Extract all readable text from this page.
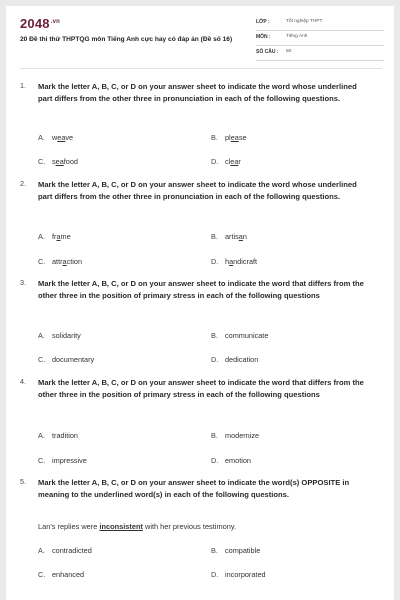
$2048^{.vn}$
20 Đề thi thử THPTQG môn Tiếng Anh cực hay có đáp án (Đề số 16)
LỚP :	Tốt nghiệp THPT
MÔN :	Tiếng Anh
SỐ CÂU : 50
1. Mark the letter A, B, C, or D on your answer sheet to indicate the word whose underlined part differs from the other three in pronunciation in each of the following questions.
A. weave	B. please
C. seafood	D. clear
2. Mark the letter A, B, C, or D on your answer sheet to indicate the word whose underlined part differs from the other three in pronunciation in each of the following questions.
A. frame	B. artisan
C. attraction	D. handicraft
3. Mark the letter A, B, C, or D on your answer sheet to indicate the word that differs from the other three in the position of primary stress in each of the following questions
A. solidarity	B. communicate
C. documentary	D. dedication
4. Mark the letter A, B, C, or D on your answer sheet to indicate the word that differs from the other three in the position of primary stress in each of the following questions
A. tradition	B. modernize
C. impressive	D. emotion
5. Mark the letter A, B, C, or D on your answer sheet to indicate the word(s) OPPOSITE in meaning to the underlined word(s) in each of the following questions.
Lan's replies were inconsistent with her previous testimony.
A. contradicted	B. compatible
C. enhanced	D. incorporated
